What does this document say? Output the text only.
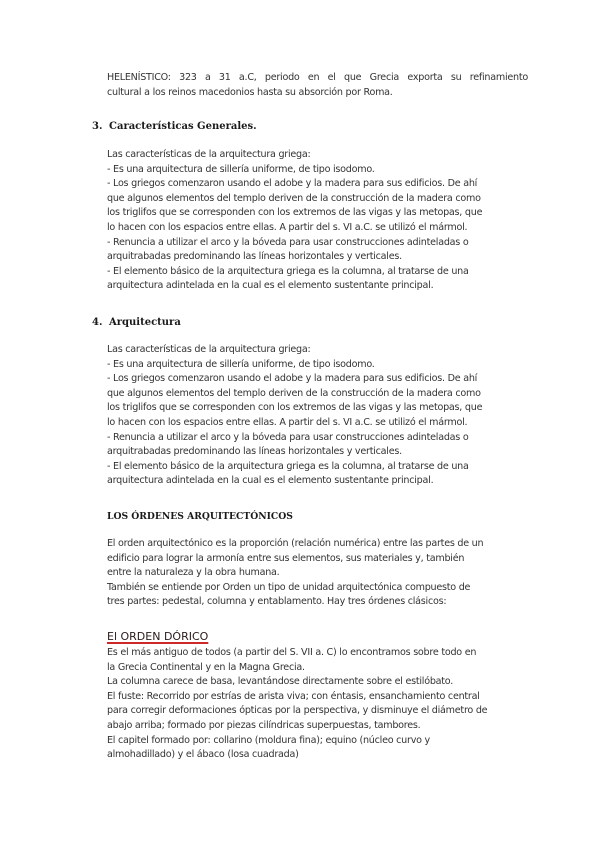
HELENÍSTICO: 323 a 31 a.C, periodo en el que Grecia exporta su refinamiento
cultural a los reinos macedonios hasta su absorción por Roma.
3. Características Generales.
Las características de la arquitectura griega:
- Es una arquitectura de sillería uniforme, de tipo isodomo.
- Los griegos comenzaron usando el adobe y la madera para sus edificios. De ahí
que algunos elementos del templo deriven de la construcción de la madera como
los triglifos que se corresponden con los extremos de las vigas y las metopas, que
lo hacen con los espacios entre ellas. A partir del s. VI a.C. se utilizó el mármol.
- Renuncia a utilizar el arco y la bóveda para usar construcciones adinteladas o
arquitrabadas predominando las líneas horizontales y verticales.
- El elemento básico de la arquitectura griega es la columna, al tratarse de una
arquitectura adintelada en la cual es el elemento sustentante principal.
4. Arquitectura
Las características de la arquitectura griega:
- Es una arquitectura de sillería uniforme, de tipo isodomo.
- Los griegos comenzaron usando el adobe y la madera para sus edificios. De ahí
que algunos elementos del templo deriven de la construcción de la madera como
los triglifos que se corresponden con los extremos de las vigas y las metopas, que
lo hacen con los espacios entre ellas. A partir del s. VI a.C. se utilizó el mármol.
- Renuncia a utilizar el arco y la bóveda para usar construcciones adinteladas o
arquitrabadas predominando las líneas horizontales y verticales.
- El elemento básico de la arquitectura griega es la columna, al tratarse de una
arquitectura adintelada en la cual es el elemento sustentante principal.
LOS ÓRDENES ARQUITECTÓNICOS
El orden arquitectónico es la proporción (relación numérica) entre las partes de un
edificio para lograr la armonía entre sus elementos, sus materiales y, también
entre la naturaleza y la obra humana.
También se entiende por Orden un tipo de unidad arquitectónica compuesto de
tres partes: pedestal, columna y entablamento. Hay tres órdenes clásicos:
El ORDEN DÓRICO
Es el más antiguo de todos (a partir del S. VII a. C) lo encontramos sobre todo en
la Grecia Continental y en la Magna Grecia.
La columna carece de basa, levantándose directamente sobre el estilóbato.
El fuste: Recorrido por estrías de arista viva; con éntasis, ensanchamiento central
para corregir deformaciones ópticas por la perspectiva, y disminuye el diámetro de
abajo arriba; formado por piezas cilíndricas superpuestas, tambores.
El capitel formado por: collarino (moldura fina); equino (núcleo curvo y
almohadillado) y el ábaco (losa cuadrada)
